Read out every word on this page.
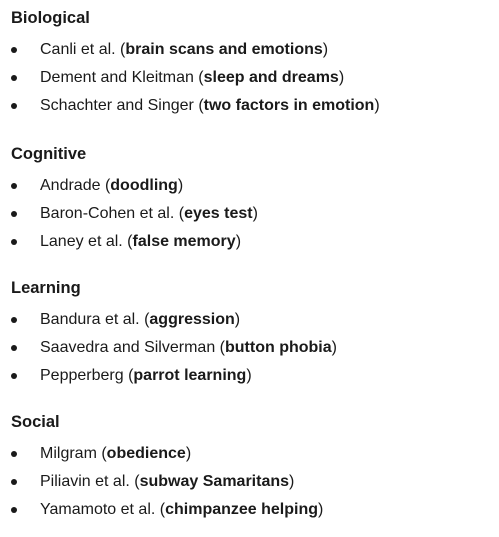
Biological
Canli et al. (brain scans and emotions)
Dement and Kleitman (sleep and dreams)
Schachter and Singer (two factors in emotion)
Cognitive
Andrade (doodling)
Baron-Cohen et al. (eyes test)
Laney et al. (false memory)
Learning
Bandura et al. (aggression)
Saavedra and Silverman (button phobia)
Pepperberg (parrot learning)
Social
Milgram (obedience)
Piliavin et al. (subway Samaritans)
Yamamoto et al. (chimpanzee helping)
